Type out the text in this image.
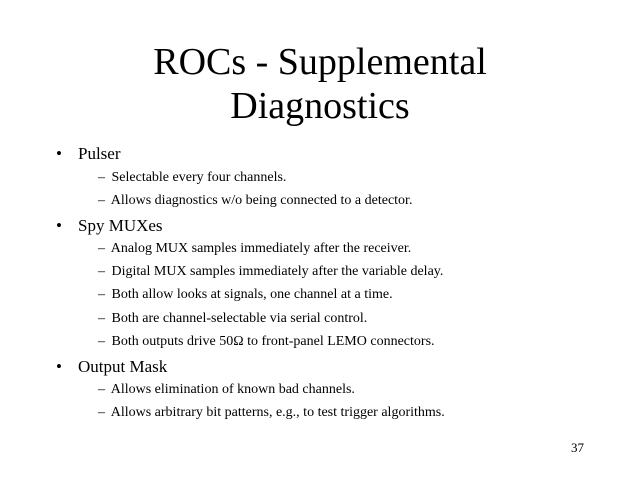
ROCs - Supplemental
Diagnostics
• Pulser
– Selectable every four channels.
– Allows diagnostics w/o being connected to a detector.
• Spy MUXes
– Analog MUX samples immediately after the receiver.
– Digital MUX samples immediately after the variable delay.
– Both allow looks at signals, one channel at a time.
– Both are channel-selectable via serial control.
– Both outputs drive 50Ω to front-panel LEMO connectors.
• Output Mask
– Allows elimination of known bad channels.
– Allows arbitrary bit patterns, e.g., to test trigger algorithms.
37
